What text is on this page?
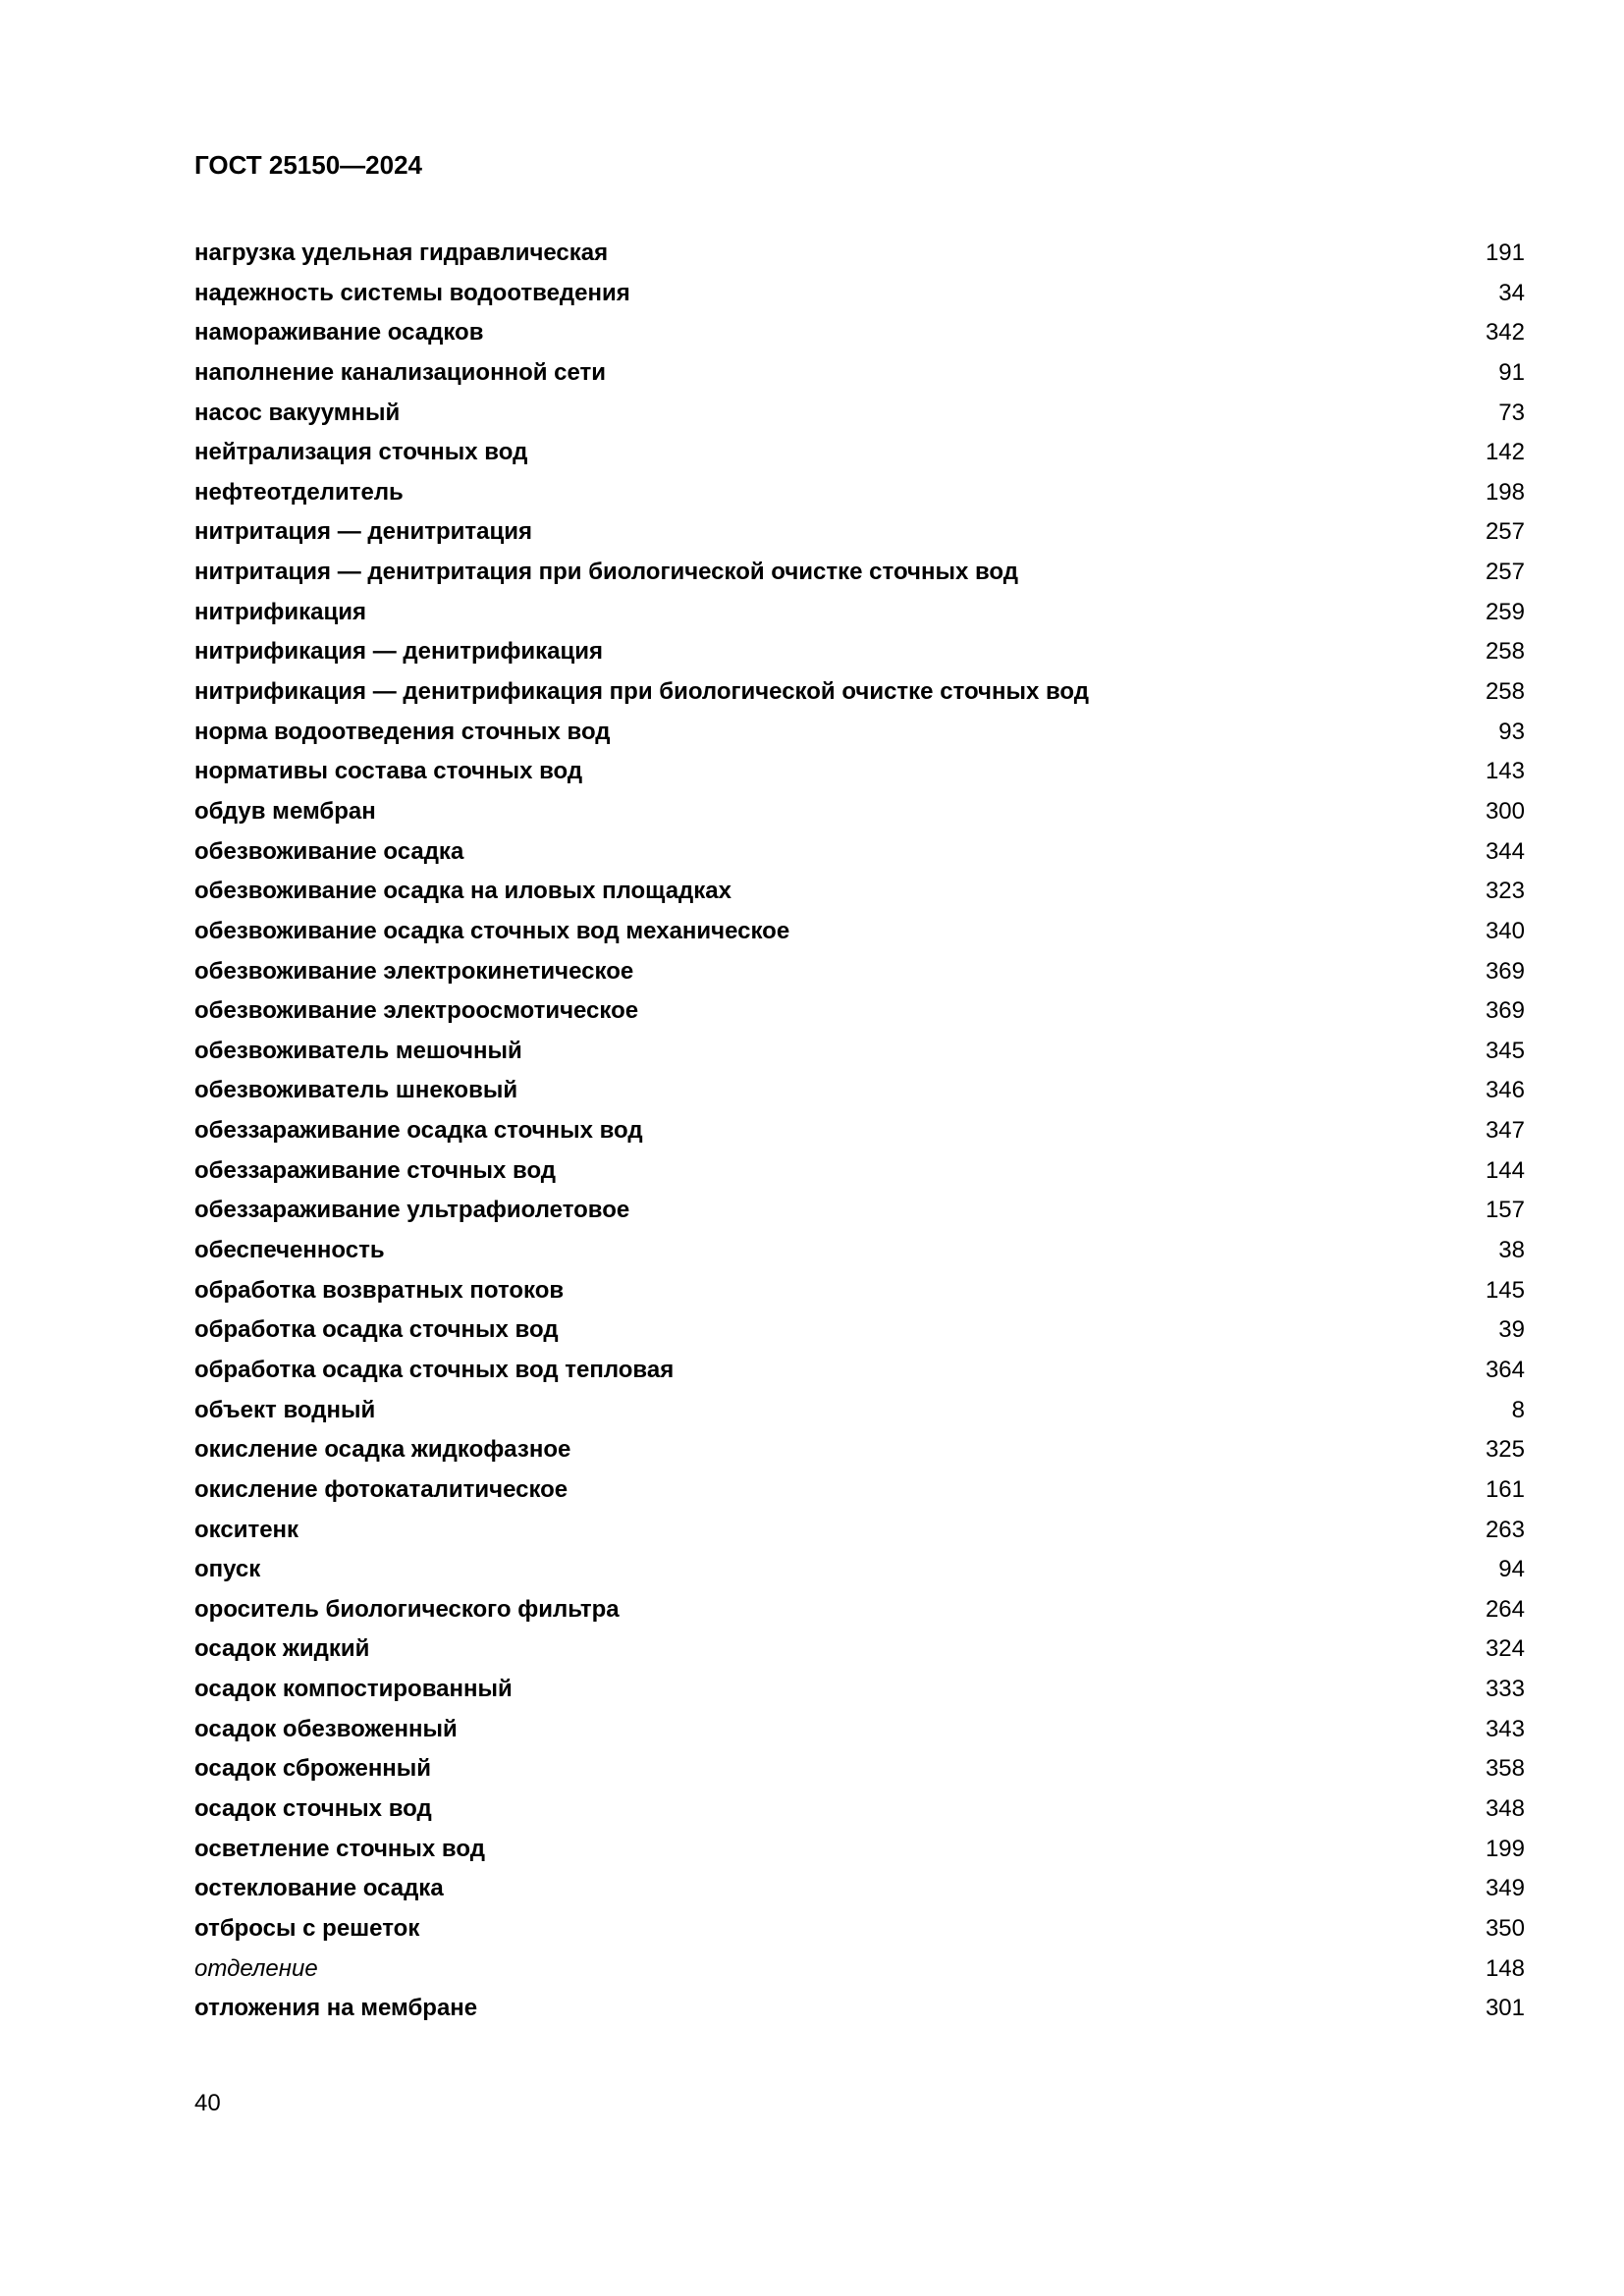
ГОСТ 25150—2024
нагрузка удельная гидравлическая	191
надежность системы водоотведения	34
намораживание осадков	342
наполнение канализационной сети	91
насос вакуумный	73
нейтрализация сточных вод	142
нефтеотделитель	198
нитритация — денитритация	257
нитритация — денитритация при биологической очистке сточных вод	257
нитрификация	259
нитрификация — денитрификация	258
нитрификация — денитрификация при биологической очистке сточных вод	258
норма водоотведения сточных вод	93
нормативы состава сточных вод	143
обдув мембран	300
обезвоживание осадка	344
обезвоживание осадка на иловых площадках	323
обезвоживание осадка сточных вод механическое	340
обезвоживание электрокинетическое	369
обезвоживание электроосмотическое	369
обезвоживатель мешочный	345
обезвоживатель шнековый	346
обеззараживание осадка сточных вод	347
обеззараживание сточных вод	144
обеззараживание ультрафиолетовое	157
обеспеченность	38
обработка возвратных потоков	145
обработка осадка сточных вод	39
обработка осадка сточных вод тепловая	364
объект водный	8
окисление осадка жидкофазное	325
окисление фотокаталитическое	161
окситенк	263
опуск	94
ороситель биологического фильтра	264
осадок жидкий	324
осадок компостированный	333
осадок обезвоженный	343
осадок сброженный	358
осадок сточных вод	348
осветление сточных вод	199
остеклование осадка	349
отбросы с решеток	350
отделение	148
отложения на мембране	301
40
